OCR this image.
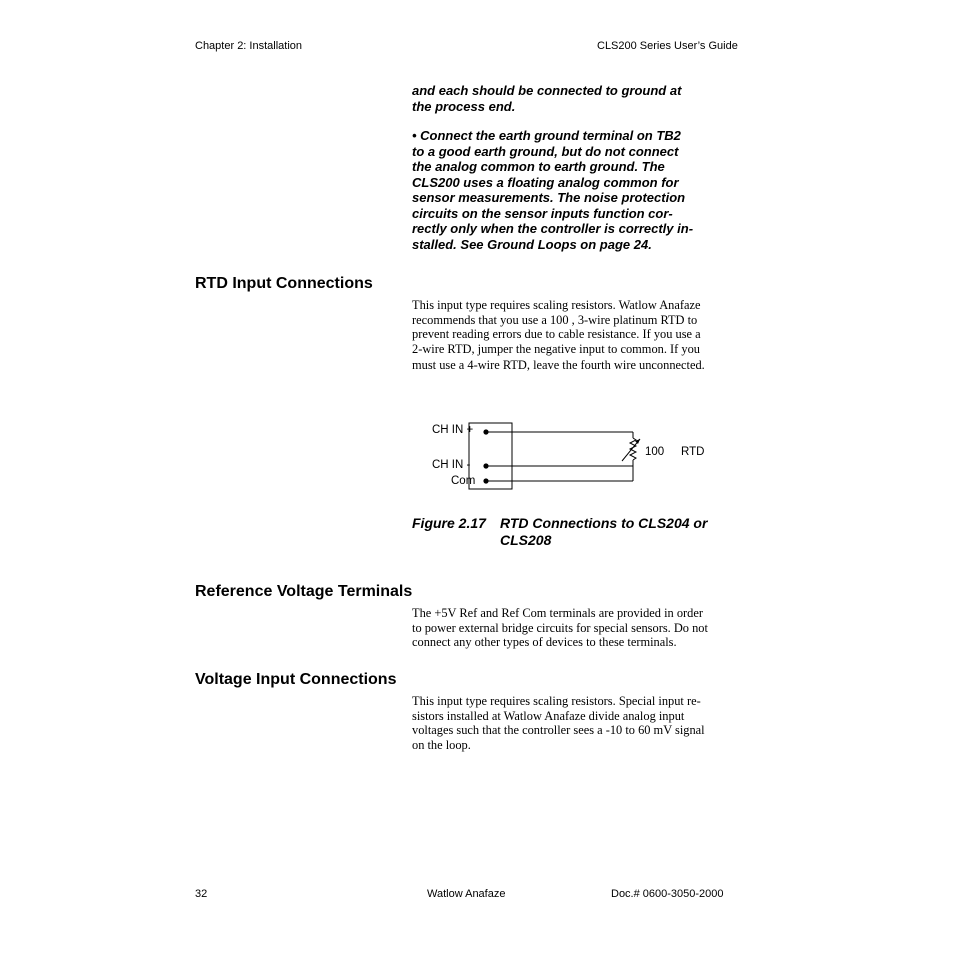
Chapter 2: Installation	CLS200 Series User’s Guide
and each should be connected to ground at
the process end.
• Connect the earth ground terminal on TB2
to a good earth ground, but do not connect
the analog common to earth ground. The
CLS200 uses a floating analog common for
sensor measurements. The noise protection
circuits on the sensor inputs function cor-
rectly only when the controller is correctly in-
stalled. See Ground Loops on page 24.
RTD Input Connections
This input type requires scaling resistors. Watlow Anafaze
recommends that you use a 100 , 3-wire platinum RTD to
prevent reading errors due to cable resistance. If you use a
2-wire RTD, jumper the negative input to common. If you
must use a 4-wire RTD, leave the fourth wire unconnected.
CH IN +
CH IN -
Com
100 RTD
Figure 2.17 RTD Connections to CLS204 or
CLS208
Reference Voltage Terminals
The +5V Ref and Ref Com terminals are provided in order
to power external bridge circuits for special sensors. Do not
connect any other types of devices to these terminals.
Voltage Input Connections
This input type requires scaling resistors. Special input re-
sistors installed at Watlow Anafaze divide analog input
voltages such that the controller sees a -10 to 60 mV signal
on the loop.
32	Watlow Anafaze	Doc.# 0600-3050-2000
